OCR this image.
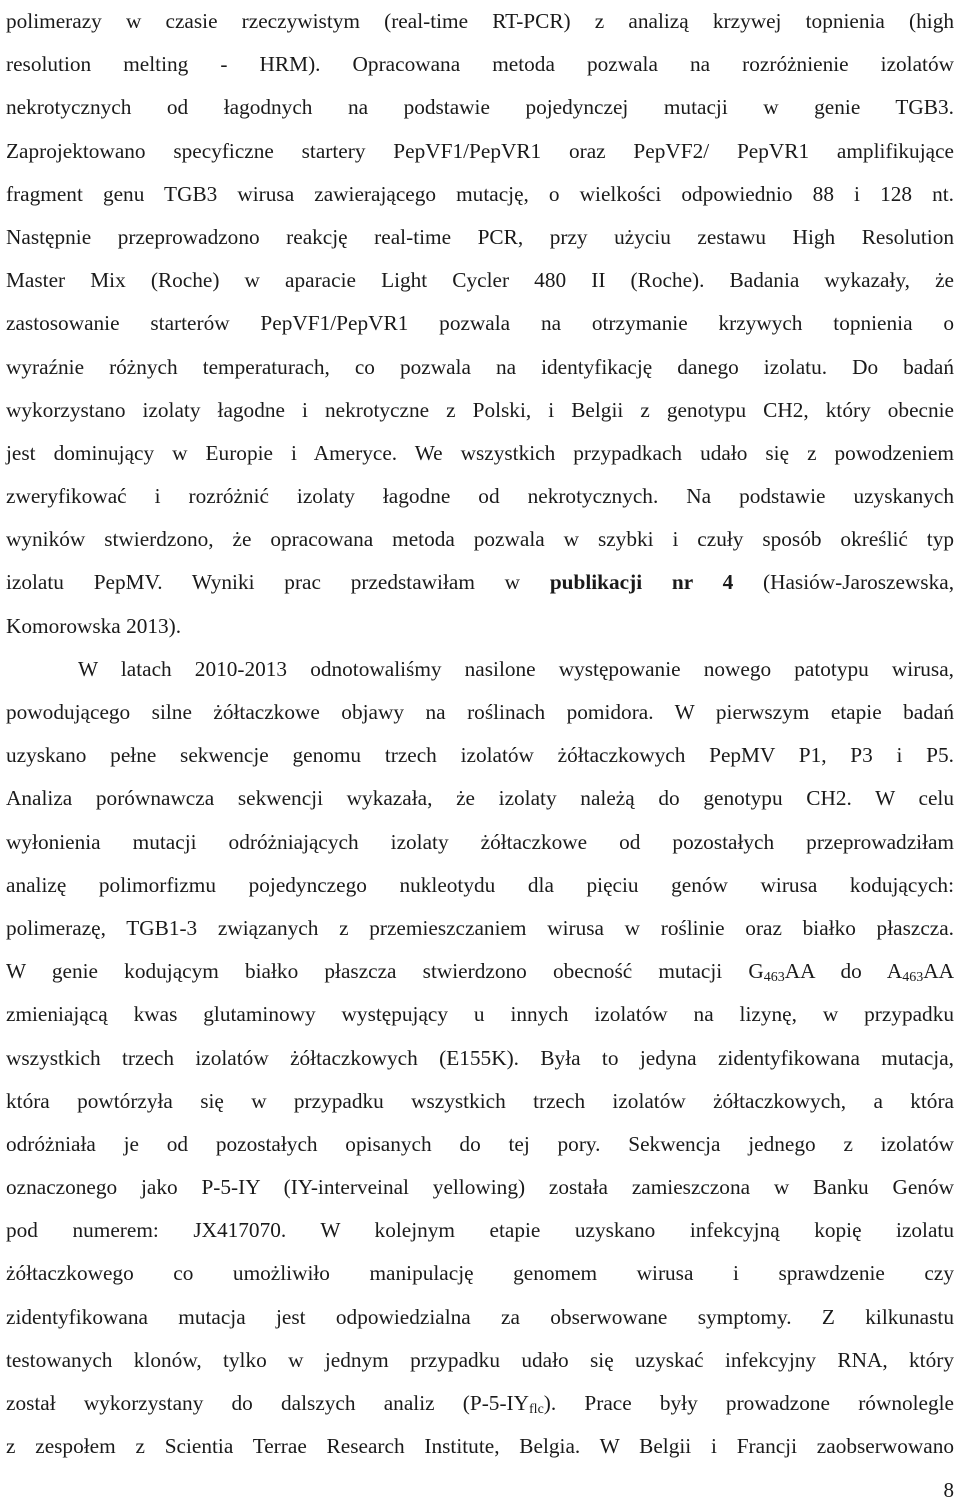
polimerazy w czasie rzeczywistym (real-time RT-PCR) z analizą krzywej topnienia (high
resolution melting - HRM). Opracowana metoda pozwala na rozróżnienie izolatów
nekrotycznych od łagodnych na podstawie pojedynczej mutacji w genie TGB3.
Zaprojektowano specyficzne startery PepVF1/PepVR1 oraz PepVF2/ PepVR1 amplifikujące
fragment genu TGB3 wirusa zawierającego mutację, o wielkości odpowiednio 88 i 128 nt.
Następnie przeprowadzono reakcję real-time PCR, przy użyciu zestawu High Resolution
Master Mix (Roche) w aparacie Light Cycler 480 II (Roche). Badania wykazały, że
zastosowanie starterów PepVF1/PepVR1 pozwala na otrzymanie krzywych topnienia o
wyraźnie różnych temperaturach, co pozwala na identyfikację danego izolatu. Do badań
wykorzystano izolaty łagodne i nekrotyczne z Polski, i Belgii z genotypu CH2, który obecnie
jest dominujący w Europie i Ameryce. We wszystkich przypadkach udało się z powodzeniem
zweryfikować i rozróżnić izolaty łagodne od nekrotycznych. Na podstawie uzyskanych
wyników stwierdzono, że opracowana metoda pozwala w szybki i czuły sposób określić typ
izolatu PepMV. Wyniki prac przedstawiłam w publikacji nr 4 (Hasiów-Jaroszewska,
Komorowska 2013).
W latach 2010-2013 odnotowaliśmy nasilone występowanie nowego patotypu wirusa,
powodującego silne żółtaczkowe objawy na roślinach pomidora. W pierwszym etapie badań
uzyskano pełne sekwencje genomu trzech izolatów żółtaczkowych PepMV P1, P3 i P5.
Analiza porównawcza sekwencji wykazała, że izolaty należą do genotypu CH2. W celu
wyłonienia mutacji odróżniających izolaty żółtaczkowe od pozostałych przeprowadziłam
analizę polimorfizmu pojedynczego nukleotydu dla pięciu genów wirusa kodujących:
polimerazę, TGB1-3 związanych z przemieszczaniem wirusa w roślinie oraz białko płaszcza.
W genie kodującym białko płaszcza stwierdzono obecność mutacji $G_{463}AA$ do $A_{463}AA$
zmieniającą kwas glutaminowy występujący u innych izolatów na lizynę, w przypadku
wszystkich trzech izolatów żółtaczkowych (E155K). Była to jedyna zidentyfikowana mutacja,
która powtórzyła się w przypadku wszystkich trzech izolatów żółtaczkowych, a która
odróżniała je od pozostałych opisanych do tej pory. Sekwencja jednego z izolatów
oznaczonego jako P-5-IY (IY-interveinal yellowing) została zamieszczona w Banku Genów
pod numerem: JX417070. W kolejnym etapie uzyskano infekcyjną kopię izolatu
żółtaczkowego co umożliwiło manipulację genomem wirusa i sprawdzenie czy
zidentyfikowana mutacja jest odpowiedzialna za obserwowane symptomy. Z kilkunastu
testowanych klonów, tylko w jednym przypadku udało się uzyskać infekcyjny RNA, który
został wykorzystany do dalszych analiz $(P-5-IY_{flc})$. Prace były prowadzone równolegle
z zespołem z Scientia Terrae Research Institute, Belgia. W Belgii i Francji zaobserwowano
8
